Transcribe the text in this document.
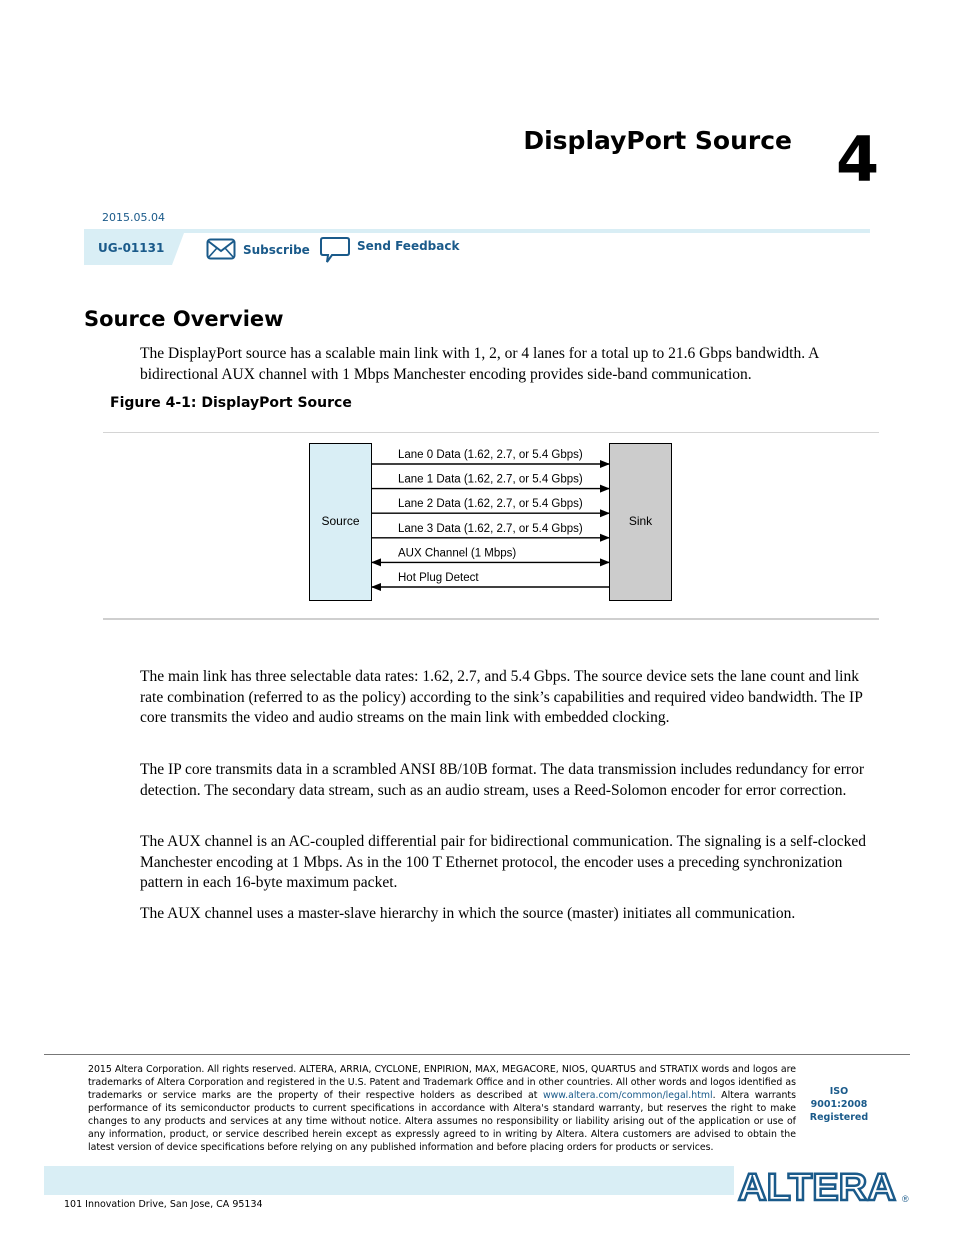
DisplayPort Source 4
2015.05.04
UG-01131	Subscribe	Send Feedback
Source Overview
The DisplayPort source has a scalable main link with 1, 2, or 4 lanes for a total up to 21.6 Gbps bandwidth. A bidirectional AUX channel with 1 Mbps Manchester encoding provides side-band communication.
Figure 4-1: DisplayPort Source
Source	Sink
Lane 0 Data (1.62, 2.7, or 5.4 Gbps)
Lane 1 Data (1.62, 2.7, or 5.4 Gbps)
Lane 2 Data (1.62, 2.7, or 5.4 Gbps)
Lane 3 Data (1.62, 2.7, or 5.4 Gbps)
AUX Channel (1 Mbps)
Hot Plug Detect
The main link has three selectable data rates: 1.62, 2.7, and 5.4 Gbps. The source device sets the lane count and link rate combination (referred to as the policy) according to the sink’s capabilities and required video bandwidth. The IP core transmits the video and audio streams on the main link with embedded clocking.
The IP core transmits data in a scrambled ANSI 8B/10B format. The data transmission includes redundancy for error detection. The secondary data stream, such as an audio stream, uses a Reed-Solomon encoder for error correction.
The AUX channel is an AC-coupled differential pair for bidirectional communication. The signaling is a self-clocked Manchester encoding at 1 Mbps. As in the 100 T Ethernet protocol, the encoder uses a preceding synchronization pattern in each 16-byte maximum packet.
The AUX channel uses a master-slave hierarchy in which the source (master) initiates all communication.
2015 Altera Corporation. All rights reserved. ALTERA, ARRIA, CYCLONE, ENPIRION, MAX, MEGACORE, NIOS, QUARTUS and STRATIX words and logos are trademarks of Altera Corporation and registered in the U.S. Patent and Trademark Office and in other countries. All other words and logos identified as trademarks or service marks are the property of their respective holders as described at www.altera.com/common/legal.html. Altera warrants performance of its semiconductor products to current specifications in accordance with Altera's standard warranty, but reserves the right to make changes to any products and services at any time without notice. Altera assumes no responsibility or liability arising out of the application or use of any information, product, or service described herein except as expressly agreed to in writing by Altera. Altera customers are advised to obtain the latest version of device specifications before relying on any published information and before placing orders for products or services.
ISO
9001:2008
Registered
ALTERA ®
101 Innovation Drive, San Jose, CA 95134
